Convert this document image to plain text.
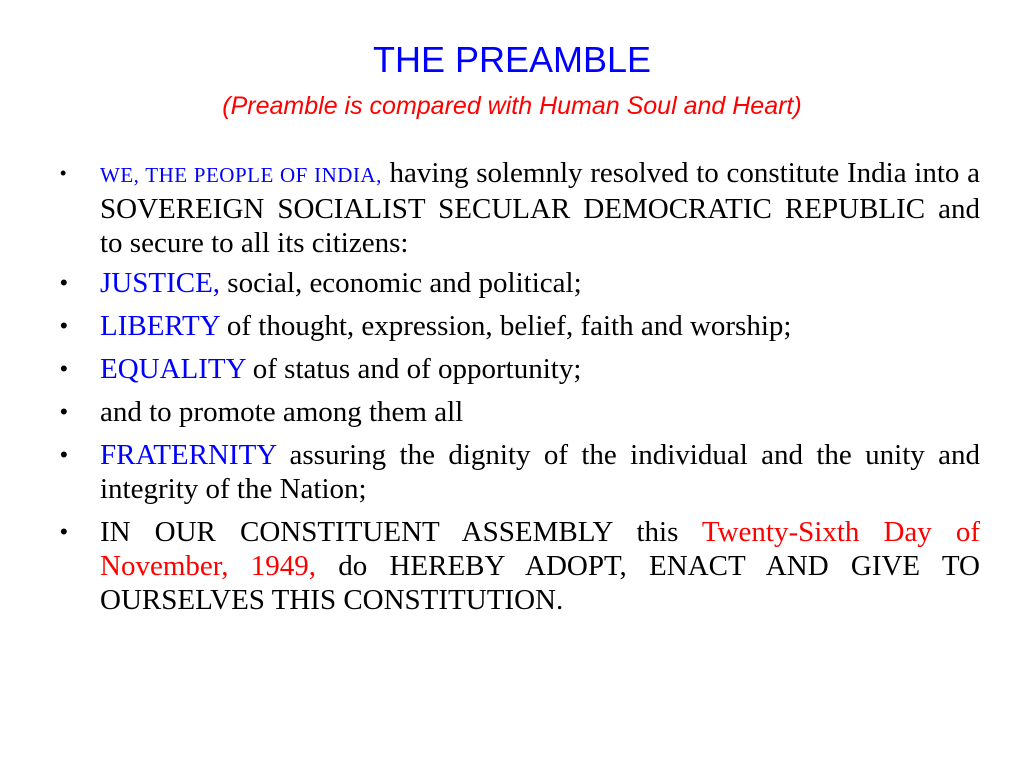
THE PREAMBLE
(Preamble is compared with Human Soul and Heart)
• WE, THE PEOPLE OF INDIA, having solemnly resolved to constitute India into a SOVEREIGN SOCIALIST SECULAR DEMOCRATIC REPUBLIC and to secure to all its citizens:
• JUSTICE, social, economic and political;
• LIBERTY of thought, expression, belief, faith and worship;
• EQUALITY of status and of opportunity;
• and to promote among them all
• FRATERNITY assuring the dignity of the individual and the unity and integrity of the Nation;
• IN OUR CONSTITUENT ASSEMBLY this Twenty-Sixth Day of November, 1949, do HEREBY ADOPT, ENACT AND GIVE TO OURSELVES THIS CONSTITUTION.
